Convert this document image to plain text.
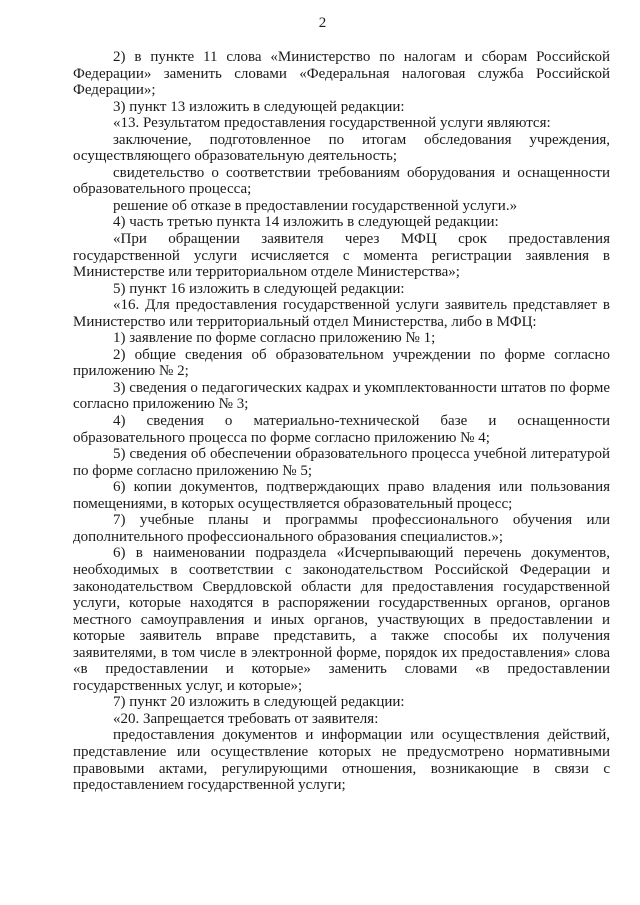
2

2) в пункте 11 слова «Министерство по налогам и сборам Российской Федерации» заменить словами «Федеральная налоговая служба Российской Федерации»;

3) пункт 13 изложить в следующей редакции:

«13. Результатом предоставления государственной услуги являются:

заключение, подготовленное по итогам обследования учреждения, осуществляющего образовательную деятельность;

свидетельство о соответствии требованиям оборудования и оснащенности образовательного процесса;

решение об отказе в предоставлении государственной услуги.»

4) часть третью пункта 14 изложить в следующей редакции:

«При обращении заявителя через МФЦ срок предоставления государственной услуги исчисляется с момента регистрации заявления в Министерстве или территориальном отделе Министерства»;

5) пункт 16 изложить в следующей редакции:

«16. Для предоставления государственной услуги заявитель представляет в Министерство или территориальный отдел Министерства, либо в МФЦ:

1) заявление по форме согласно приложению № 1;

2) общие сведения об образовательном учреждении по форме согласно приложению № 2;

3) сведения о педагогических кадрах и укомплектованности штатов по форме согласно приложению № 3;

4) сведения о материально-технической базе и оснащенности образовательного процесса по форме согласно приложению № 4;

5) сведения об обеспечении образовательного процесса учебной литературой по форме согласно приложению № 5;

6) копии документов, подтверждающих право владения или пользования помещениями, в которых осуществляется образовательный процесс;

7) учебные планы и программы профессионального обучения или дополнительного профессионального образования специалистов.»;

6) в наименовании подраздела «Исчерпывающий перечень документов, необходимых в соответствии с законодательством Российской Федерации и законодательством Свердловской области для предоставления государственной услуги, которые находятся в распоряжении государственных органов, органов местного самоуправления и иных органов, участвующих в предоставлении и которые заявитель вправе представить, а также способы их получения заявителями, в том числе в электронной форме, порядок их предоставления» слова «в предоставлении и которые» заменить словами «в предоставлении государственных услуг, и которые»;

7) пункт 20 изложить в следующей редакции:

«20. Запрещается требовать от заявителя:

предоставления документов и информации или осуществления действий, представление или осуществление которых не предусмотрено нормативными правовыми актами, регулирующими отношения, возникающие в связи с предоставлением государственной услуги;
